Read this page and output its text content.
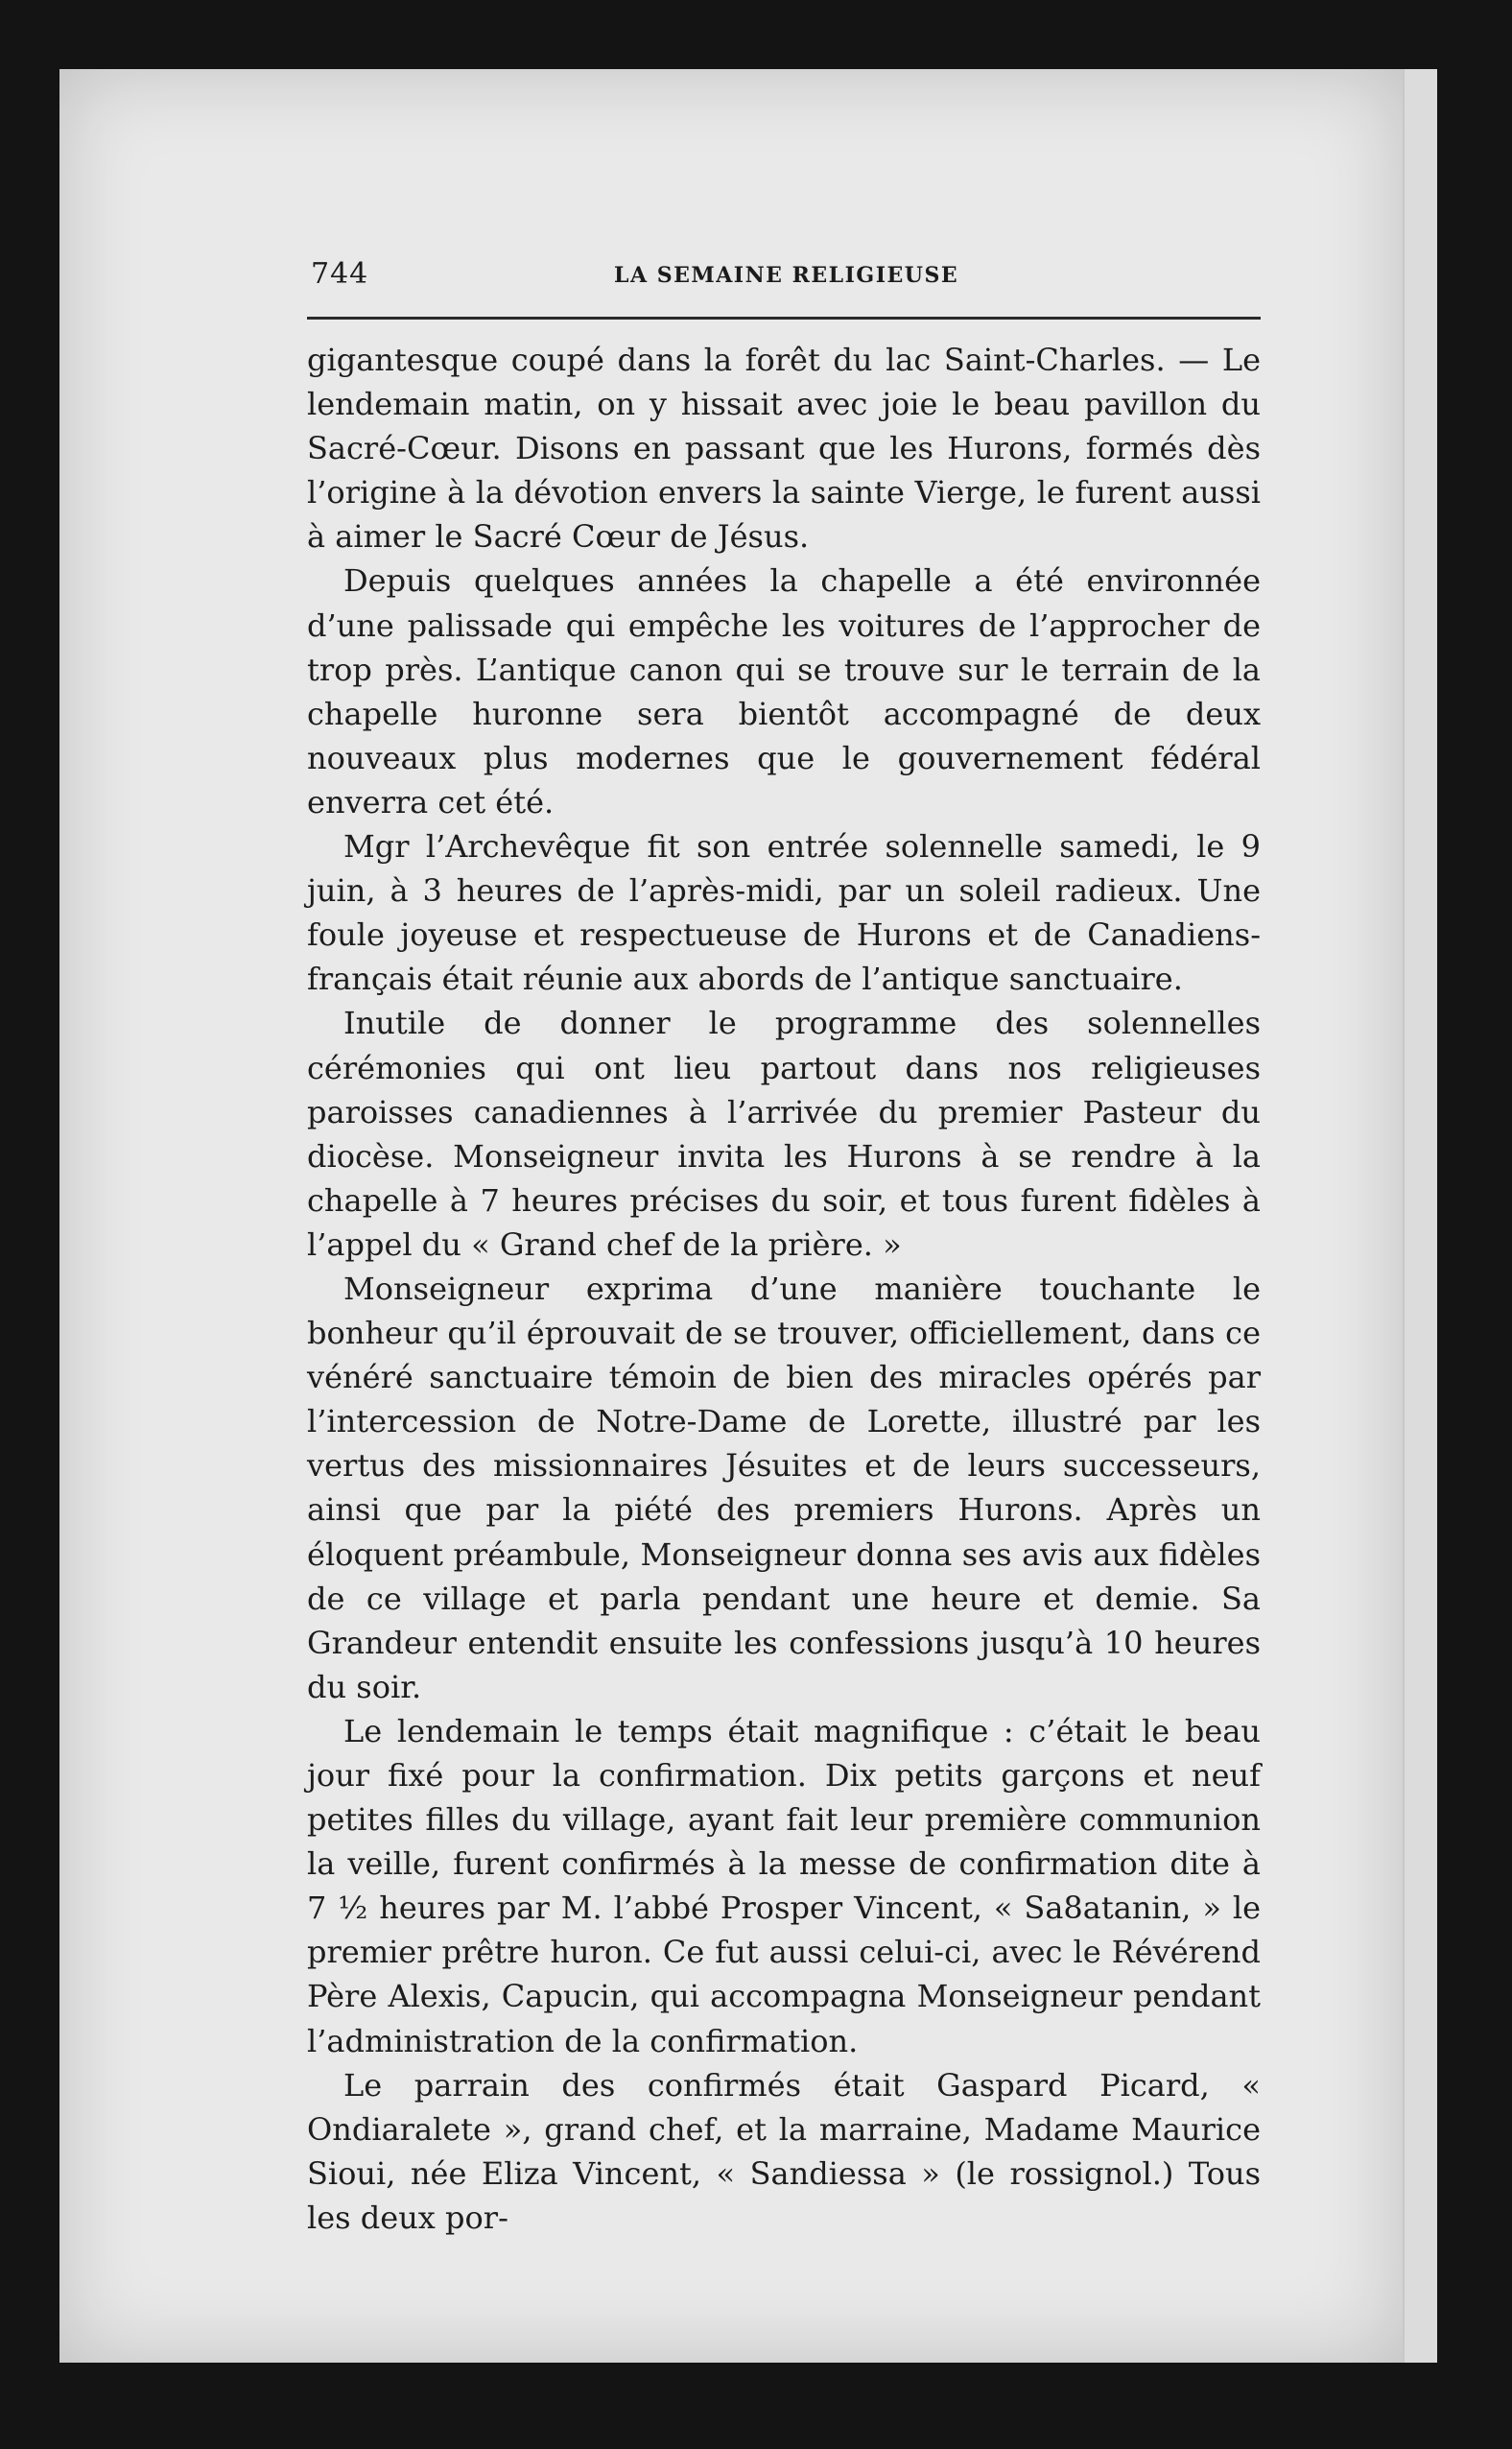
744	LA SEMAINE RELIGIEUSE

gigantesque coupé dans la forêt du lac Saint-Charles. — Le lendemain matin, on y hissait avec joie le beau pavillon du Sacré-Cœur. Disons en passant que les Hurons, formés dès l’origine à la dévotion envers la sainte Vierge, le furent aussi à aimer le Sacré Cœur de Jésus.

Depuis quelques années la chapelle a été environnée d’une palissade qui empêche les voitures de l’approcher de trop près. L’antique canon qui se trouve sur le terrain de la chapelle huronne sera bientôt accompagné de deux nouveaux plus modernes que le gouvernement fédéral enverra cet été.

Mgr l’Archevêque fit son entrée solennelle samedi, le 9 juin, à 3 heures de l’après-midi, par un soleil radieux. Une foule joyeuse et respectueuse de Hurons et de Canadiens-français était réunie aux abords de l’antique sanctuaire.

Inutile de donner le programme des solennelles cérémonies qui ont lieu partout dans nos religieuses paroisses canadiennes à l’arrivée du premier Pasteur du diocèse. Monseigneur invita les Hurons à se rendre à la chapelle à 7 heures précises du soir, et tous furent fidèles à l’appel du « Grand chef de la prière. »

Monseigneur exprima d’une manière touchante le bonheur qu’il éprouvait de se trouver, officiellement, dans ce vénéré sanctuaire témoin de bien des miracles opérés par l’intercession de Notre-Dame de Lorette, illustré par les vertus des missionnaires Jésuites et de leurs successeurs, ainsi que par la piété des premiers Hurons. Après un éloquent préambule, Monseigneur donna ses avis aux fidèles de ce village et parla pendant une heure et demie. Sa Grandeur entendit ensuite les confessions jusqu’à 10 heures du soir.

Le lendemain le temps était magnifique : c’était le beau jour fixé pour la confirmation. Dix petits garçons et neuf petites filles du village, ayant fait leur première communion la veille, furent confirmés à la messe de confirmation dite à 7 ½ heures par M. l’abbé Prosper Vincent, « Sa8atanin, » le premier prêtre huron. Ce fut aussi celui-ci, avec le Révérend Père Alexis, Capucin, qui accompagna Monseigneur pendant l’administration de la confirmation.

Le parrain des confirmés était Gaspard Picard, « Ondiaralete », grand chef, et la marraine, Madame Maurice Sioui, née Eliza Vincent, « Sandiessa » (le rossignol.) Tous les deux por-
